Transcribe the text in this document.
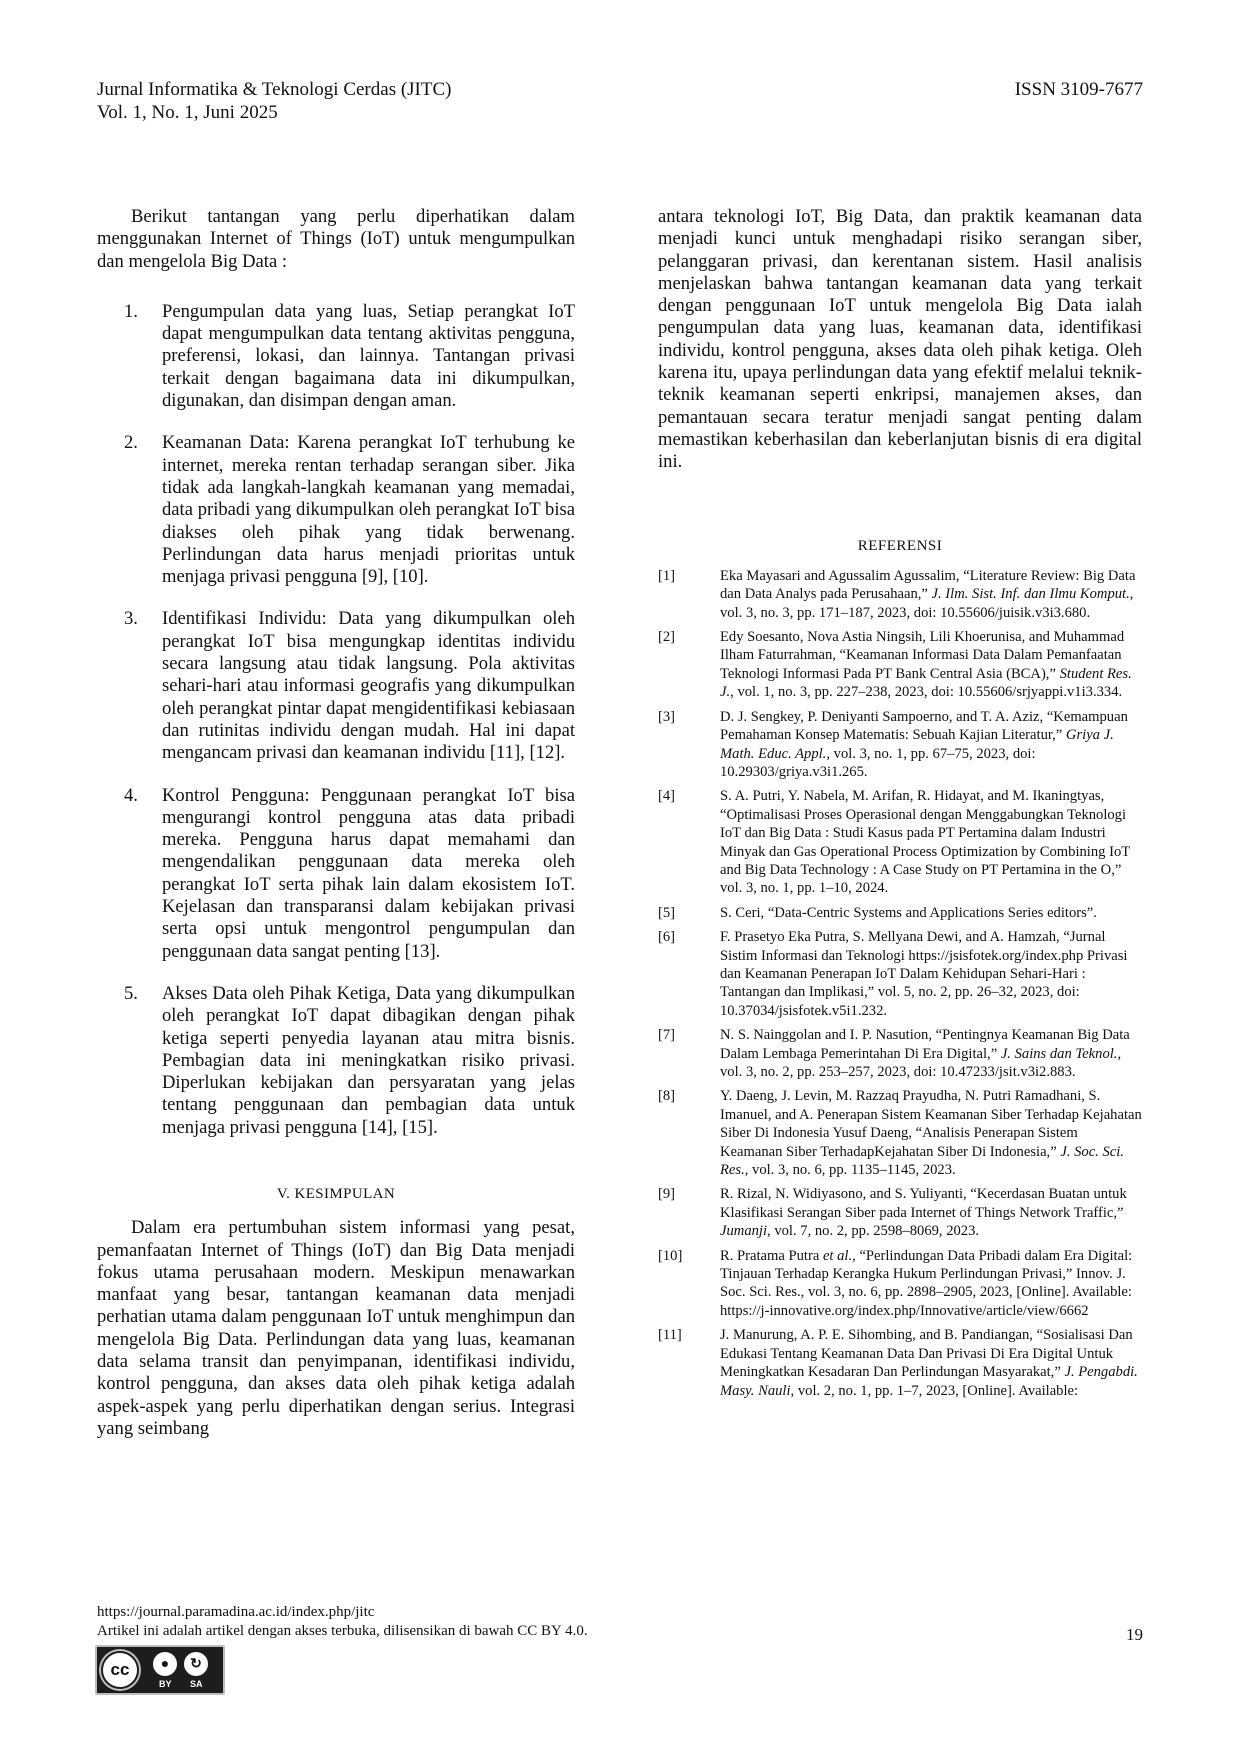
Jurnal Informatika & Teknologi Cerdas (JITC)
Vol. 1, No. 1, Juni 2025
ISSN 3109-7677

Berikut tantangan yang perlu diperhatikan dalam menggunakan Internet of Things (IoT) untuk mengumpulkan dan mengelola Big Data :

1. Pengumpulan data yang luas, Setiap perangkat IoT dapat mengumpulkan data tentang aktivitas pengguna, preferensi, lokasi, dan lainnya. Tantangan privasi terkait dengan bagaimana data ini dikumpulkan, digunakan, dan disimpan dengan aman.
2. Keamanan Data: Karena perangkat IoT terhubung ke internet, mereka rentan terhadap serangan siber. Jika tidak ada langkah-langkah keamanan yang memadai, data pribadi yang dikumpulkan oleh perangkat IoT bisa diakses oleh pihak yang tidak berwenang. Perlindungan data harus menjadi prioritas untuk menjaga privasi pengguna [9], [10].
3. Identifikasi Individu: Data yang dikumpulkan oleh perangkat IoT bisa mengungkap identitas individu secara langsung atau tidak langsung. Pola aktivitas sehari-hari atau informasi geografis yang dikumpulkan oleh perangkat pintar dapat mengidentifikasi kebiasaan dan rutinitas individu dengan mudah. Hal ini dapat mengancam privasi dan keamanan individu [11], [12].
4. Kontrol Pengguna: Penggunaan perangkat IoT bisa mengurangi kontrol pengguna atas data pribadi mereka. Pengguna harus dapat memahami dan mengendalikan penggunaan data mereka oleh perangkat IoT serta pihak lain dalam ekosistem IoT. Kejelasan dan transparansi dalam kebijakan privasi serta opsi untuk mengontrol pengumpulan dan penggunaan data sangat penting [13].
5. Akses Data oleh Pihak Ketiga, Data yang dikumpulkan oleh perangkat IoT dapat dibagikan dengan pihak ketiga seperti penyedia layanan atau mitra bisnis. Pembagian data ini meningkatkan risiko privasi. Diperlukan kebijakan dan persyaratan yang jelas tentang penggunaan dan pembagian data untuk menjaga privasi pengguna [14], [15].
V. KESIMPULAN

Dalam era pertumbuhan sistem informasi yang pesat, pemanfaatan Internet of Things (IoT) dan Big Data menjadi fokus utama perusahaan modern. Meskipun menawarkan manfaat yang besar, tantangan keamanan data menjadi perhatian utama dalam penggunaan IoT untuk menghimpun dan mengelola Big Data. Perlindungan data yang luas, keamanan data selama transit dan penyimpanan, identifikasi individu, kontrol pengguna, dan akses data oleh pihak ketiga adalah aspek-aspek yang perlu diperhatikan dengan serius. Integrasi yang seimbang

antara teknologi IoT, Big Data, dan praktik keamanan data menjadi kunci untuk menghadapi risiko serangan siber, pelanggaran privasi, dan kerentanan sistem. Hasil analisis menjelaskan bahwa tantangan keamanan data yang terkait dengan penggunaan IoT untuk mengelola Big Data ialah pengumpulan data yang luas, keamanan data, identifikasi individu, kontrol pengguna, akses data oleh pihak ketiga. Oleh karena itu, upaya perlindungan data yang efektif melalui teknik-teknik keamanan seperti enkripsi, manajemen akses, dan pemantauan secara teratur menjadi sangat penting dalam memastikan keberhasilan dan keberlanjutan bisnis di era digital ini.

REFERENSI
[1]	Eka Mayasari and Agussalim Agussalim, “Literature Review: Big Data dan Data Analys pada Perusahaan,” J. Ilm. Sist. Inf. dan Ilmu Komput., vol. 3, no. 3, pp. 171–187, 2023, doi: 10.55606/juisik.v3i3.680.
[2]	Edy Soesanto, Nova Astia Ningsih, Lili Khoerunisa, and Muhammad Ilham Faturrahman, “Keamanan Informasi Data Dalam Pemanfaatan Teknologi Informasi Pada PT Bank Central Asia (BCA),” Student Res. J., vol. 1, no. 3, pp. 227–238, 2023, doi: 10.55606/srjyappi.v1i3.334.
[3]	D. J. Sengkey, P. Deniyanti Sampoerno, and T. A. Aziz, “Kemampuan Pemahaman Konsep Matematis: Sebuah Kajian Literatur,” Griya J. Math. Educ. Appl., vol. 3, no. 1, pp. 67–75, 2023, doi: 10.29303/griya.v3i1.265.
[4]	S. A. Putri, Y. Nabela, M. Arifan, R. Hidayat, and M. Ikaningtyas, “Optimalisasi Proses Operasional dengan Menggabungkan Teknologi IoT dan Big Data : Studi Kasus pada PT Pertamina dalam Industri Minyak dan Gas Operational Process Optimization by Combining IoT and Big Data Technology : A Case Study on PT Pertamina in the O,” vol. 3, no. 1, pp. 1–10, 2024.
[5]	S. Ceri, “Data-Centric Systems and Applications Series editors”.
[6]	F. Prasetyo Eka Putra, S. Mellyana Dewi, and A. Hamzah, “Jurnal Sistim Informasi dan Teknologi https://jsisfotek.org/index.php Privasi dan Keamanan Penerapan IoT Dalam Kehidupan Sehari-Hari : Tantangan dan Implikasi,” vol. 5, no. 2, pp. 26–32, 2023, doi: 10.37034/jsisfotek.v5i1.232.
[7]	N. S. Nainggolan and I. P. Nasution, “Pentingnya Keamanan Big Data Dalam Lembaga Pemerintahan Di Era Digital,” J. Sains dan Teknol., vol. 3, no. 2, pp. 253–257, 2023, doi: 10.47233/jsit.v3i2.883.
[8]	Y. Daeng, J. Levin, M. Razzaq Prayudha, N. Putri Ramadhani, S. Imanuel, and A. Penerapan Sistem Keamanan Siber Terhadap Kejahatan Siber Di Indonesia Yusuf Daeng, “Analisis Penerapan Sistem Keamanan Siber TerhadapKejahatan Siber Di Indonesia,” J. Soc. Sci. Res., vol. 3, no. 6, pp. 1135–1145, 2023.
[9]	R. Rizal, N. Widiyasono, and S. Yuliyanti, “Kecerdasan Buatan untuk Klasifikasi Serangan Siber pada Internet of Things Network Traffic,” Jumanji, vol. 7, no. 2, pp. 2598–8069, 2023.
[10]	R. Pratama Putra et al., “Perlindungan Data Pribadi dalam Era Digital: Tinjauan Terhadap Kerangka Hukum Perlindungan Privasi,” Innov. J. Soc. Sci. Res., vol. 3, no. 6, pp. 2898–2905, 2023, [Online]. Available: https://j-innovative.org/index.php/Innovative/article/view/6662
[11]	J. Manurung, A. P. E. Sihombing, and B. Pandiangan, “Sosialisasi Dan Edukasi Tentang Keamanan Data Dan Privasi Di Era Digital Untuk Meningkatkan Kesadaran Dan Perlindungan Masyarakat,” J. Pengabdi. Masy. Nauli, vol. 2, no. 1, pp. 1–7, 2023, [Online]. Available:
https://journal.paramadina.ac.id/index.php/jitc
Artikel ini adalah artikel dengan akses terbuka, dilisensikan di bawah CC BY 4.0.
cc	●	↻
BY SA
19
